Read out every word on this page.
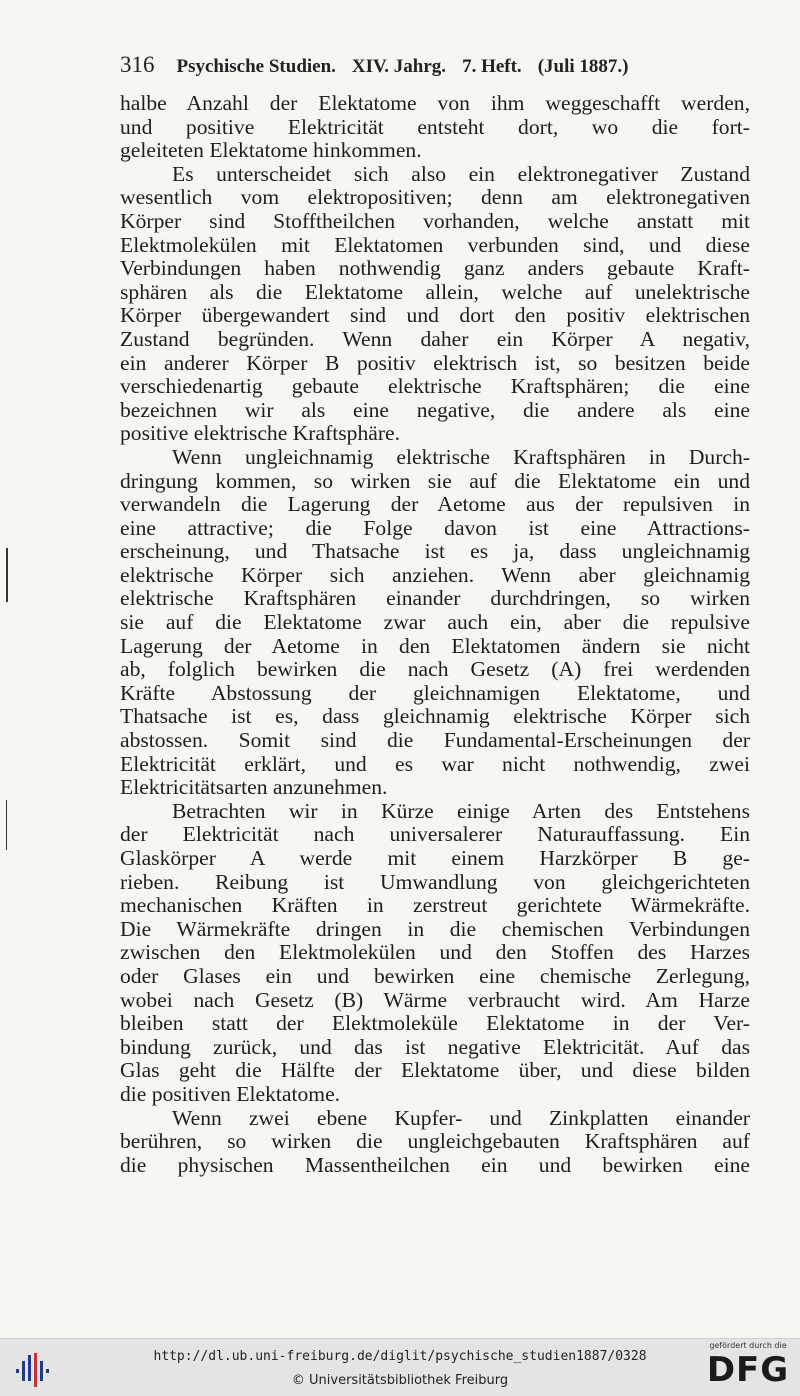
316 Psychische Studien. XIV. Jahrg. 7. Heft. (Juli 1887.)
halbe Anzahl der Elektatome von ihm weggeschafft werden,
und positive Elektricität entsteht dort, wo die fort-
geleiteten Elektatome hinkommen.
Es unterscheidet sich also ein elektronegativer Zustand
wesentlich vom elektropositiven; denn am elektronegativen
Körper sind Stofftheilchen vorhanden, welche anstatt mit
Elektmolekülen mit Elektatomen verbunden sind, und diese
Verbindungen haben nothwendig ganz anders gebaute Kraft-
sphären als die Elektatome allein, welche auf unelektrische
Körper übergewandert sind und dort den positiv elektrischen
Zustand begründen. Wenn daher ein Körper A negativ,
ein anderer Körper B positiv elektrisch ist, so besitzen beide
verschiedenartig gebaute elektrische Kraftsphären; die eine
bezeichnen wir als eine negative, die andere als eine
positive elektrische Kraftsphäre.
Wenn ungleichnamig elektrische Kraftsphären in Durch-
dringung kommen, so wirken sie auf die Elektatome ein und
verwandeln die Lagerung der Aetome aus der repulsiven in
eine attractive; die Folge davon ist eine Attractions-
erscheinung, und Thatsache ist es ja, dass ungleichnamig
elektrische Körper sich anziehen. Wenn aber gleichnamig
elektrische Kraftsphären einander durchdringen, so wirken
sie auf die Elektatome zwar auch ein, aber die repulsive
Lagerung der Aetome in den Elektatomen ändern sie nicht
ab, folglich bewirken die nach Gesetz (A) frei werdenden
Kräfte Abstossung der gleichnamigen Elektatome, und
Thatsache ist es, dass gleichnamig elektrische Körper sich
abstossen. Somit sind die Fundamental-Erscheinungen der
Elektricität erklärt, und es war nicht nothwendig, zwei
Elektricitätsarten anzunehmen.
Betrachten wir in Kürze einige Arten des Entstehens
der Elektricität nach universalerer Naturauffassung. Ein
Glaskörper A werde mit einem Harzkörper B ge-
rieben. Reibung ist Umwandlung von gleichgerichteten
mechanischen Kräften in zerstreut gerichtete Wärmekräfte.
Die Wärmekräfte dringen in die chemischen Verbindungen
zwischen den Elektmolekülen und den Stoffen des Harzes
oder Glases ein und bewirken eine chemische Zerlegung,
wobei nach Gesetz (B) Wärme verbraucht wird. Am Harze
bleiben statt der Elektmoleküle Elektatome in der Ver-
bindung zurück, und das ist negative Elektricität. Auf das
Glas geht die Hälfte der Elektatome über, und diese bilden
die positiven Elektatome.
Wenn zwei ebene Kupfer- und Zinkplatten einander
berühren, so wirken die ungleichgebauten Kraftsphären auf
die physischen Massentheilchen ein und bewirken eine
http://dl.ub.uni-freiburg.de/diglit/psychische_studien1887/0328
© Universitätsbibliothek Freiburg
gefördert durch die
DFG
